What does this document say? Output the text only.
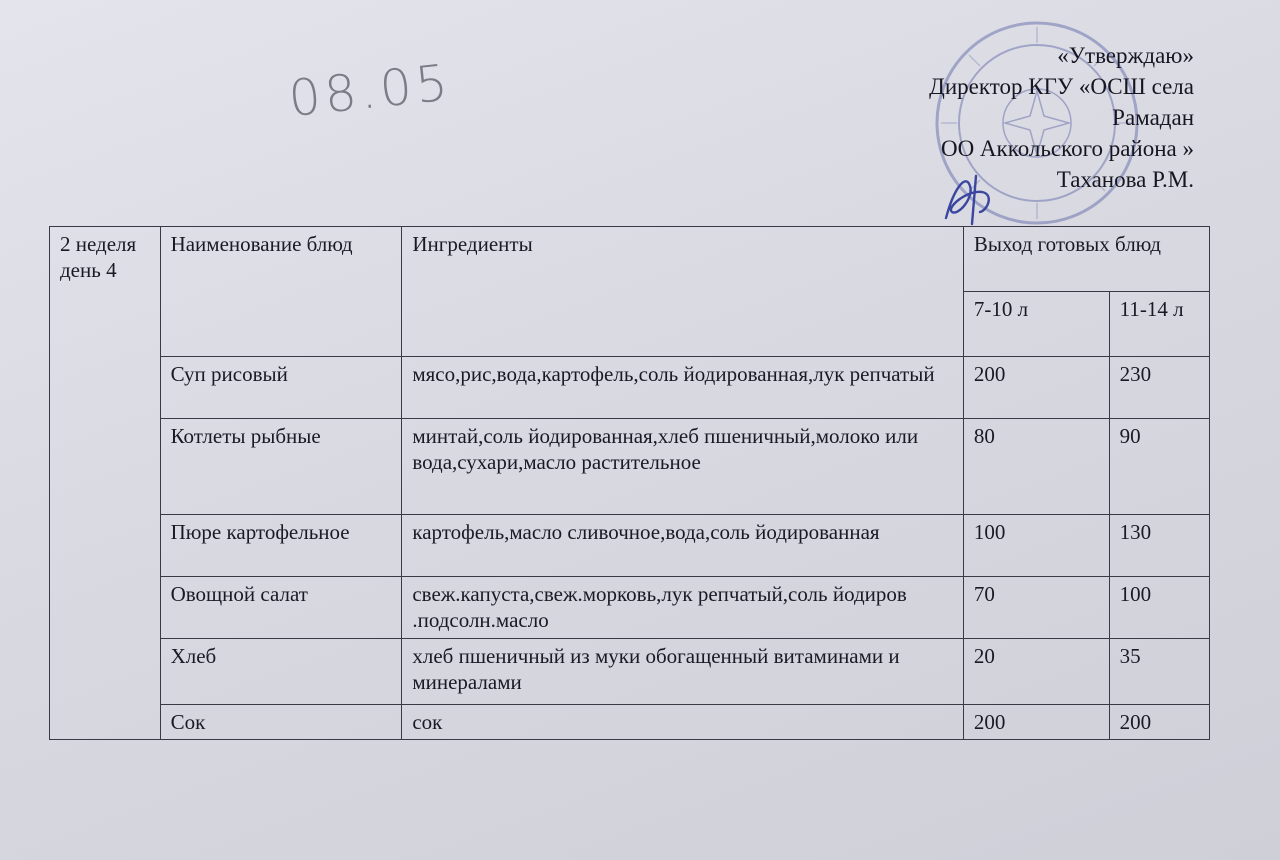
08.05	«Утверждаю»
Директор КГУ «ОСШ села
Рамадан
ОО Аккольского района »
Таханова Р.М.
2 неделя день 4	Наименование блюд	Ингредиенты	Выход готовых блюд	
			7-10 л	11-14 л
	Суп рисовый	мясо,рис,вода,картофель,соль йодированная,лук репчатый	200	230
	Котлеты рыбные	минтай,соль йодированная,хлеб пшеничный,молоко или вода,сухари,масло растительное	80	90
	Пюре картофельное	картофель,масло сливочное,вода,соль йодированная	100	130
	Овощной салат	свеж.капуста,свеж.морковь,лук репчатый,соль йодиров .подсолн.масло	70	100
	Хлеб	хлеб пшеничный из муки обогащенный витаминами и минералами	20	35
	Сок	сок	200	200
